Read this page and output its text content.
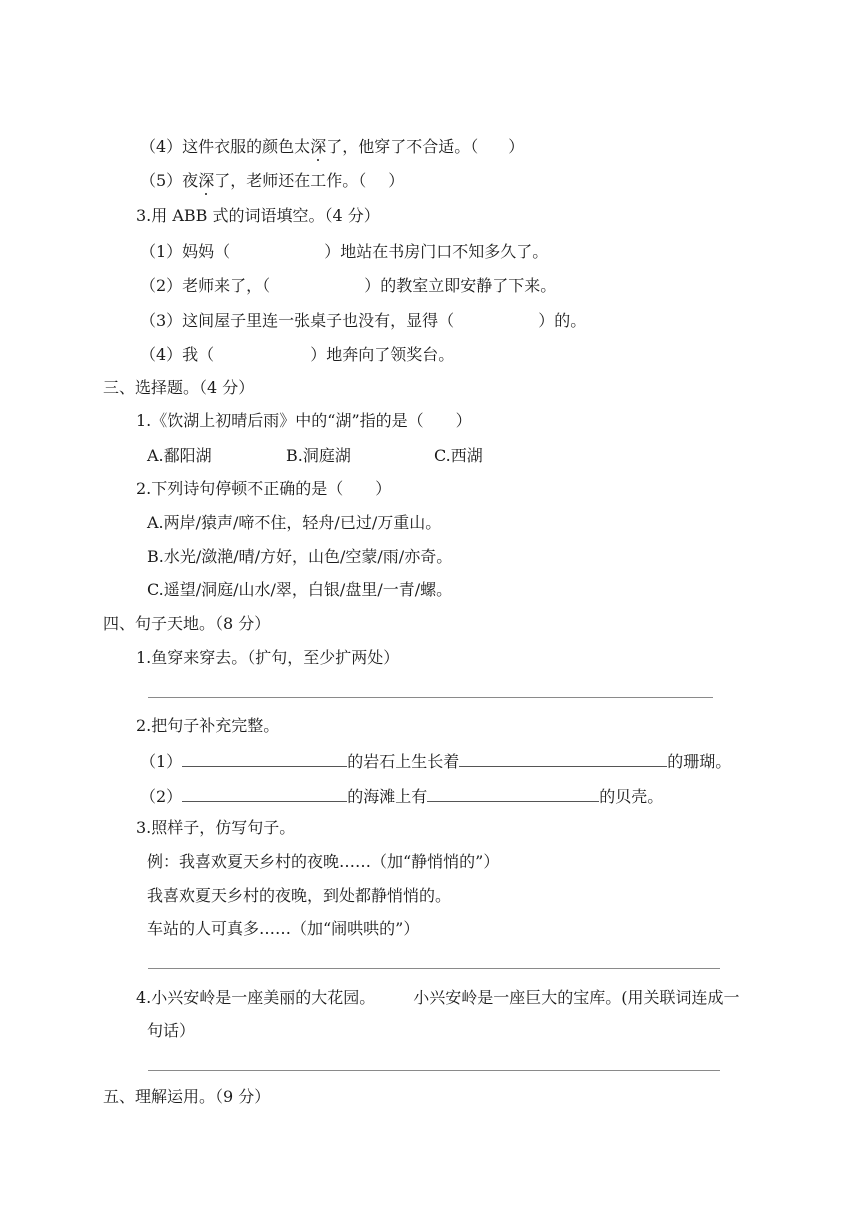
（4）这件衣服的颜色太深了，他穿了不合适。（ ）
（5）夜深了，老师还在工作。（ ）
3.用 ABB 式的词语填空。（4 分）
（1）妈妈（	）地站在书房门口不知多久了。
（2）老师来了，（	）的教室立即安静了下来。
（3）这间屋子里连一张桌子也没有，显得（	）的。
（4）我（	）地奔向了领奖台。
三、选择题。（4 分）
1.《饮湖上初晴后雨》中的“湖”指的是（　　）
A.鄱阳湖	B.洞庭湖	C.西湖
2.下列诗句停顿不正确的是（　　）
A.两岸/猿声/啼不住，轻舟/已过/万重山。
B.水光/潋滟/晴/方好，山色/空蒙/雨/亦奇。
C.遥望/洞庭/山水/翠，白银/盘里/一青/螺。
四、句子天地。（8 分）
1.鱼穿来穿去。（扩句，至少扩两处）
2.把句子补充完整。
（1）	的岩石上生长着	的珊瑚。
（2）	的海滩上有	的贝壳。
3.照样子，仿写句子。
例：我喜欢夏天乡村的夜晚……（加“静悄悄的”）
我喜欢夏天乡村的夜晚，到处都静悄悄的。
车站的人可真多……（加“闹哄哄的”）
4.小兴安岭是一座美丽的大花园。 小兴安岭是一座巨大的宝库。(用关联词连成一
句话）
五、理解运用。（9 分）
